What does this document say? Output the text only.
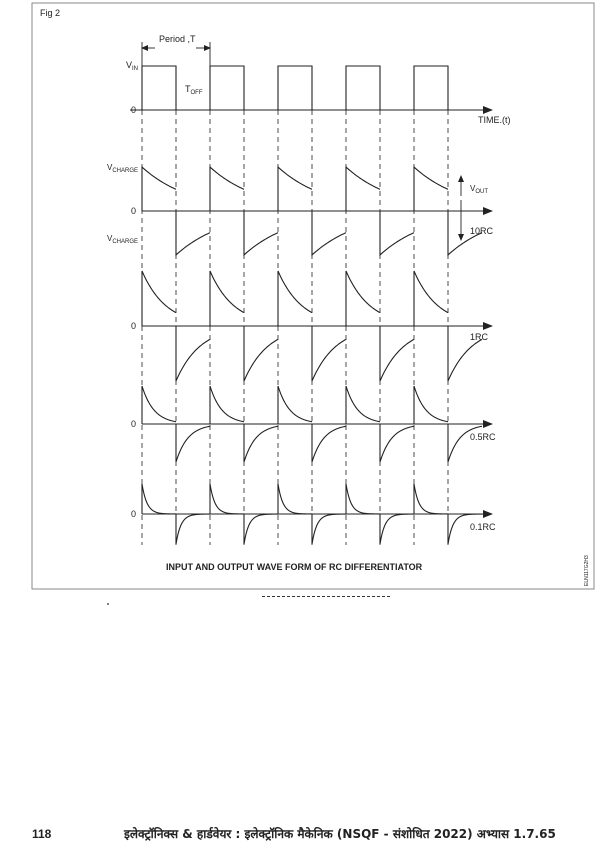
Fig 2
Period ,T
$V_{IN}$
$T_{OFF}$
0
TIME.(t)
0
0
0
0
10RC
1RC
0.5RC
0.1RC
$V_{CHARGE}$
$V_{CHARGE}$
$V_{OUT}$
INPUT AND OUTPUT WAVE FORM OF RC DIFFERENTIATOR	ELN117G2H3
118	इलेक्ट्रॉनिक्स & हार्डवेयर : इलेक्ट्रॉनिक मैकेनिक (NSQF - संशोधित 2022) अभ्यास 1.7.65
